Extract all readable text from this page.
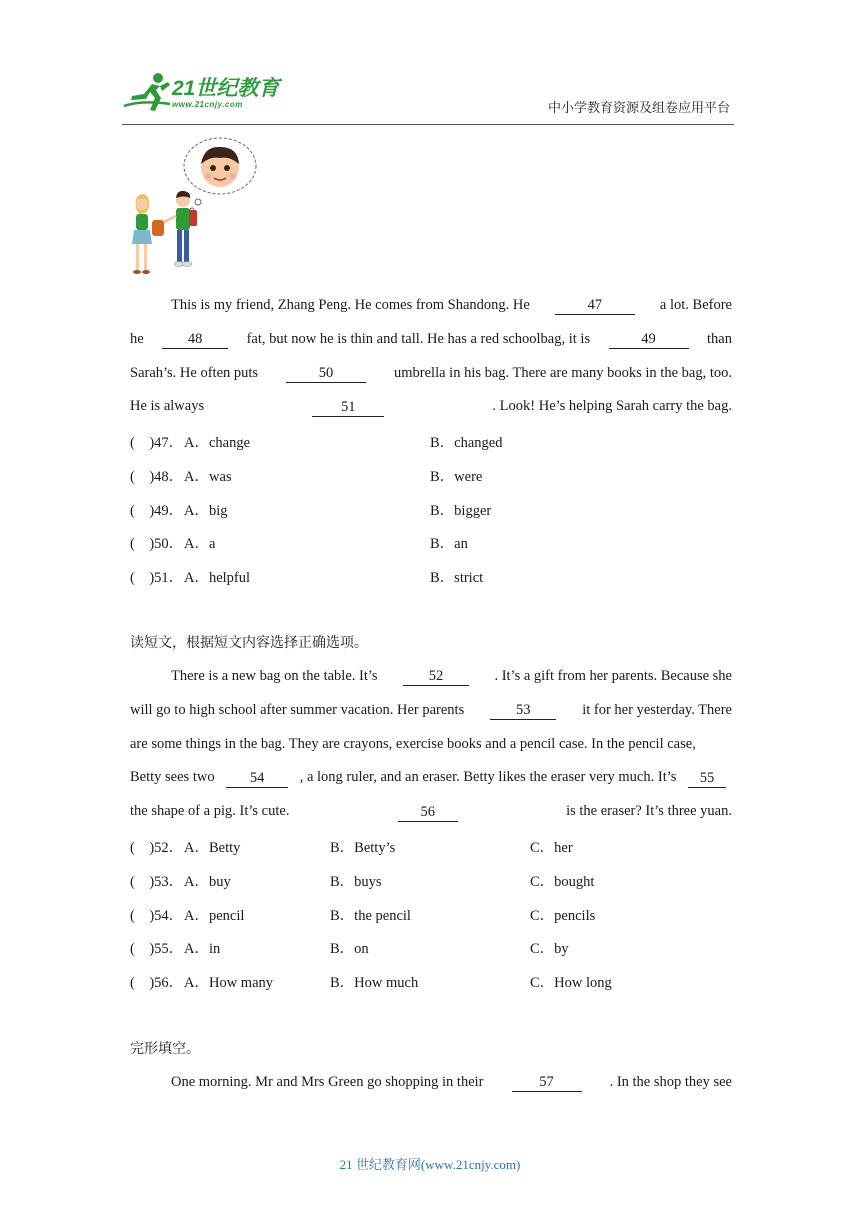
21世纪教育
www.21cnjy.com	中小学教育资源及组卷应用平台
This is my friend, Zhang Peng. He comes from Shandong. He	47	a lot. Before
he	48	fat, but now he is thin and tall. He has a red schoolbag, it is	49	than
Sarah’s. He often puts	50	umbrella in his bag. There are many books in the bag, too.
He is always	51	. Look! He’s helping Sarah carry the bag.
(　)47． A．change	B．changed
(　)48． A．was	B．were
(　)49． A．big	B．bigger
(　)50． A．a	B．an
(　)51． A．helpful	B．strict
读短文，根据短文内容选择正确选项。
There is a new bag on the table. It’s	52	. It’s a gift from her parents. Because she
will go to high school after summer vacation. Her parents	53	it for her yesterday. There
are some things in the bag. They are crayons, exercise books and a pencil case. In the pencil case,
Betty sees two	54	, a long ruler, and an eraser. Betty likes the eraser very much. It’s	55
the shape of a pig. It’s cute.	56	is the eraser? It’s three yuan.
(　)52． A．Betty	B．Betty’s	C．her
(　)53． A．buy	B．buys	C．bought
(　)54． A．pencil	B．the pencil	C．pencils
(　)55． A．in	B．on	C．by
(　)56． A．How many	B．How much	C．How long
完形填空。
One morning. Mr and Mrs Green go shopping in their	57	. In the shop they see
21 世纪教育网(www.21cnjy.com)
